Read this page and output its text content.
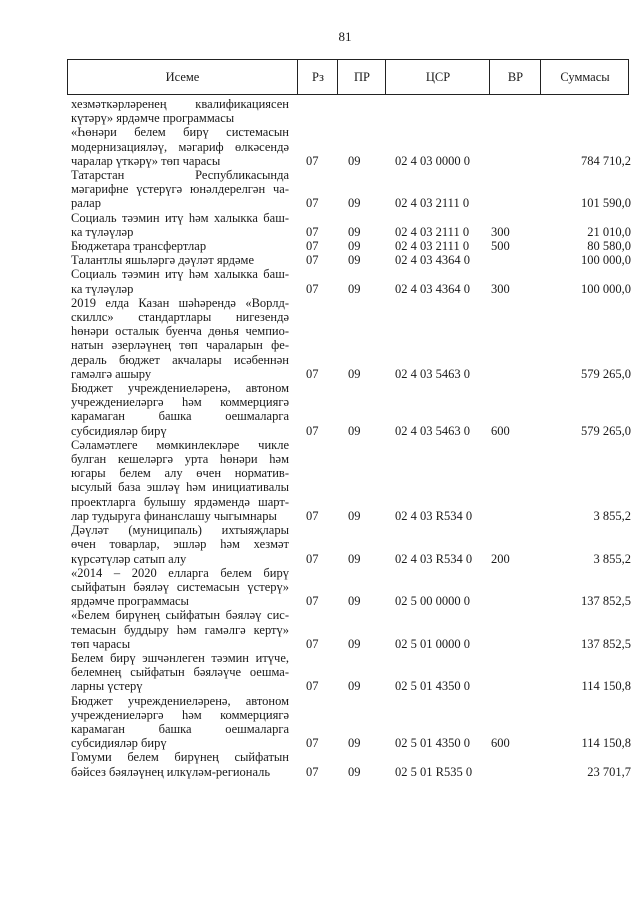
81
Исеме	Рз	ПР	ЦСР	ВР	Суммасы
хезмәткәрләренең квалификациясен
күтәрү» ярдәмче программасы
«Һөнәри белем бирү системасын
модернизацияләү, мәгариф өлкәсендә
чаралар үткәрү» төп чарасы	07	09	02 4 03 0000 0	784 710,2
Татарстан Республикасында
мәгарифне үстерүгә юнәлдерелгән ча-
ралар	07	09	02 4 03 2111 0	101 590,0
Социаль тәэмин итү һәм халыкка баш-
ка түләүләр	07	09	02 4 03 2111 0	300	21 010,0
Бюджетара трансфертлар	07	09	02 4 03 2111 0	500	80 580,0
Талантлы яшьләргә дәүләт ярдәме	07	09	02 4 03 4364 0	100 000,0
Социаль тәэмин итү һәм халыкка баш-
ка түләүләр	07	09	02 4 03 4364 0	300	100 000,0
2019 елда Казан шәһәрендә «Ворлд-
скиллс» стандартлары нигезендә
һөнәри осталык буенча дөнья чемпио-
натын әзерләүнең төп чараларын фе-
дераль бюджет акчалары исәбеннән
гамәлгә ашыру	07	09	02 4 03 5463 0	579 265,0
Бюджет учреждениеләренә, автоном
учреждениеләргә һәм коммерциягә
карамаган башка оешмаларга
субсидияләр бирү	07	09	02 4 03 5463 0	600	579 265,0
Сәламәтлеге мөмкинлекләре чикле
булган кешеләргә урта һөнәри һәм
югары белем алу өчен норматив-
ысулый база эшләү һәм инициативалы
проектларга булышу ярдәмендә шарт-
лар тудыруга финанслашу чыгымнары	07	09	02 4 03 R534 0	3 855,2
Дәүләт (муниципаль) ихтыяҗлары
өчен товарлар, эшләр һәм хезмәт
күрсәтүләр сатып алу	07	09	02 4 03 R534 0	200	3 855,2
«2014 – 2020 елларга белем бирү сыйфатын бәяләү системасын үстерү»
ярдәмче программасы	07	09	02 5 00 0000 0	137 852,5
«Белем бирүнең сыйфатын бәяләү сис-
темасын буддыру һәм гамәлгә кертү»
төп чарасы	07	09	02 5 01 0000 0	137 852,5
Белем бирү эшчәнлеген тәэмин итүче,
белемнең сыйфатын бәяләүче оешма-
ларны үстерү	07	09	02 5 01 4350 0	114 150,8
Бюджет учреждениеләренә, автоном
учреждениеләргә һәм коммерциягә
карамаган башка оешмаларга
субсидияләр бирү	07	09	02 5 01 4350 0	600	114 150,8
Гомуми белем бирүнең сыйфатын
бәйсез бәяләүнең илкүләм-региональ	07	09	02 5 01 R535 0	23 701,7
